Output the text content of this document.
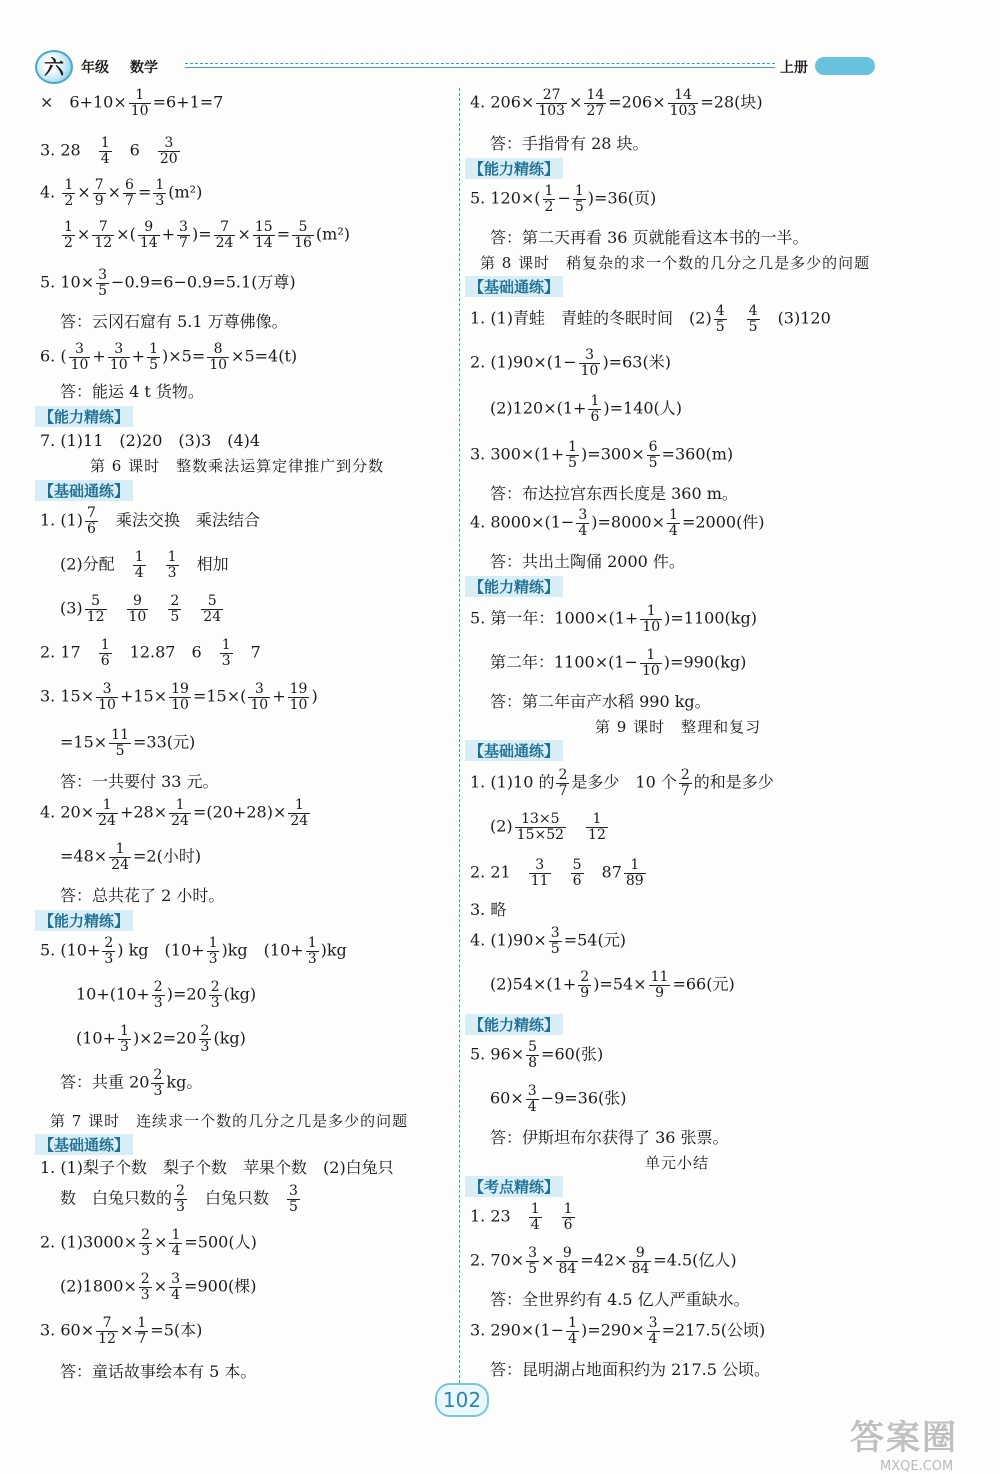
六	年级 数学	上册
×　$6+10\times \frac{1}{10} =6+1=7$
3. 28　 $\frac{1}{4}$
　 6　 $\frac{3}{20}$
4. $\frac{1}{2} \times \frac{7}{9} \times \frac{6}{7} = \frac{1}{3} (m^2)$
$\frac{1}{2} \times \frac{7}{12}$ ×( $\frac{9}{14} + \frac{3}{7}$ )= $\frac{7}{24} \times \frac{15}{14} = \frac{5}{16} (m^2)$
5. $10\times \frac{3}{5} -0.9=6-0.9=5.1$(万尊)
答：云冈石窟有 5.1 万尊佛像。
6. ( $\frac{3}{10} + \frac{3}{10} + \frac{1}{5} )\times 5= \frac{8}{10} \times 5=4(t)$
答：能运 4 t 货物。
【能力精练】
7. (1)11　(2)20　(3)3　(4)4
第 6 课时　整数乘法运算定律推广到分数
【基础通练】
1. $(1) \frac{7}{6}$ 　乘法交换　乘法结合
(2)分配　 $\frac{1}{4}$
　 $\frac{1}{3}$
　 相加
$(3) \frac{5}{12}$
　 $\frac{9}{10}$
　 $\frac{2}{5}$
　 $\frac{5}{24}$
2. 17　 $\frac{1}{6}$
　 12.87　6　 $\frac{1}{3}$
　 7
3. $15\times \frac{3}{10} +15\times \frac{19}{10} =15\times( \frac{3}{10} + \frac{19}{10}$ )
$=15\times \frac{11}{5} =33$(元)
答：一共要付 33 元。
4. $20\times \frac{1}{24} +28\times \frac{1}{24} =(20+28)\times \frac{1}{24}$
$=48\times \frac{1}{24} =2$(小时)
答：总共花了 2 小时。
【能力精练】
5. ($10+ \frac{2}{3}$ ) kg　$(10+ \frac{1}{3} )kg$　$(10+ \frac{1}{3} )kg$
$10+(10+ \frac{2}{3} )=20 \frac{2}{3} (kg)$
$(10+ \frac{1}{3} )\times 2=20 \frac{2}{3} (kg)$
答：共重 $20 \frac{2}{3}$ kg。
第 7 课时　连续求一个数的几分之几是多少的问题
【基础通练】
1. (1)梨子个数　梨子个数　苹果个数　(2)白兔只
数　白兔只数的 $\frac{2}{3}$ 　白兔只数　 $\frac{3}{5}$
2. $(1)3000\times \frac{2}{3} \times \frac{1}{4} =500$(人)
$(2)1800\times \frac{2}{3} \times \frac{3}{4} =900$(棵)
3. $60\times \frac{7}{12} \times \frac{1}{7} =5$(本)
答：童话故事绘本有 5 本。
4. $206\times \frac{27}{103} \times \frac{14}{27} =206\times \frac{14}{103} =28$(块)
答：手指骨有 28 块。
【能力精练】
5. $120\times( \frac{1}{2} - \frac{1}{5} )=36$(页)
答：第二天再看 36 页就能看这本书的一半。
第 8 课时　稍复杂的求一个数的几分之几是多少的问题
【基础通练】
1. (1)青蛙　青蛙的冬眠时间　$(2) \frac{4}{5}$
　 $\frac{4}{5}$
　 (3)120
2. $(1)90\times(1- \frac{3}{10} )=63$(米)
$(2)120\times(1+ \frac{1}{6} )=140$(人)
3. $300\times(1+ \frac{1}{5} )=300\times \frac{6}{5} =360(m)$
答：布达拉宫东西长度是 360 m。
4. $8000\times(1- \frac{3}{4} )=8000\times \frac{1}{4} =2000$(件)
答：共出土陶俑 2000 件。
【能力精练】
5. 第一年：$1000\times(1+ \frac{1}{10} )=1100(kg)$
第二年：$1100\times(1- \frac{1}{10} )=990(kg)$
答：第二年亩产水稻 990 kg。
第 9 课时　整理和复习
【基础通练】
1. (1)10 的 $\frac{2}{7}$ 是多少　10 个 $\frac{2}{7}$ 的和是多少
$(2) \frac{13\times 5}{15\times 52}$
　 $\frac{1}{12}$
2. 21　 $\frac{3}{11}$
　 $\frac{5}{6}$
　 $87 \frac{1}{89}$
3. 略
4. $(1)90\times \frac{3}{5} =54$(元)
$(2)54\times(1+ \frac{2}{9} )=54\times \frac{11}{9} =66$(元)
【能力精练】
5. $96\times \frac{5}{8} =60$(张)
$60\times \frac{3}{4} -9=36$(张)
答：伊斯坦布尔获得了 36 张票。
单元小结
【考点精练】
1. 23　 $\frac{1}{4}$
　 $\frac{1}{6}$
2. $70\times \frac{3}{5} \times \frac{9}{84} =42\times \frac{9}{84} =4.5$(亿人)
答：全世界约有 4.5 亿人严重缺水。
3. $290\times(1- \frac{1}{4} )=290\times \frac{3}{4} =217.5$(公顷)
答：昆明湖占地面积约为 217.5 公顷。
102
答案圈
MXQE.COM
